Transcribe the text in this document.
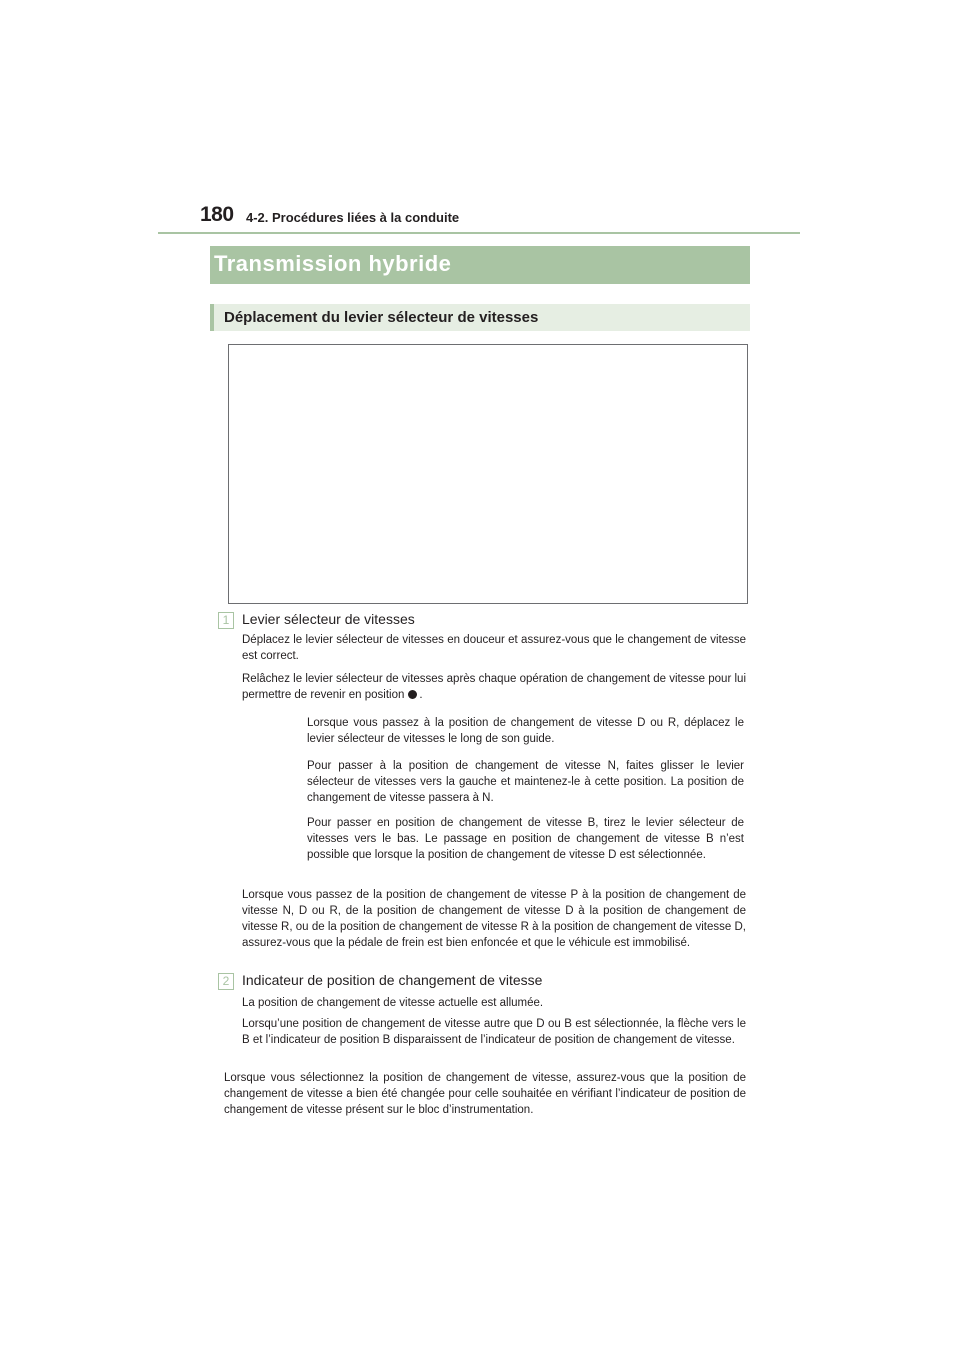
180 4-2. Procédures liées à la conduite
Transmission hybride
Déplacement du levier sélecteur de vitesses
1 Levier sélecteur de vitesses
Déplacez le levier sélecteur de vitesses en douceur et assurez-vous que le changement de vitesse est correct.
Relâchez le levier sélecteur de vitesses après chaque opération de changement de vitesse pour lui permettre de revenir en position .
Lorsque vous passez à la position de changement de vitesse D ou R, déplacez le levier sélecteur de vitesses le long de son guide.
Pour passer à la position de changement de vitesse N, faites glisser le levier sélecteur de vitesses vers la gauche et maintenez-le à cette position. La position de changement de vitesse passera à N.
Pour passer en position de changement de vitesse B, tirez le levier sélecteur de vitesses vers le bas. Le passage en position de changement de vitesse B n’est possible que lorsque la position de changement de vitesse D est sélectionnée.
Lorsque vous passez de la position de changement de vitesse P à la position de changement de vitesse N, D ou R, de la position de changement de vitesse D à la position de changement de vitesse R, ou de la position de changement de vitesse R à la position de changement de vitesse D, assurez-vous que la pédale de frein est bien enfoncée et que le véhicule est immobilisé.
2 Indicateur de position de changement de vitesse
La position de changement de vitesse actuelle est allumée.
Lorsqu’une position de changement de vitesse autre que D ou B est sélectionnée, la flèche vers le B et l’indicateur de position B disparaissent de l’indicateur de position de changement de vitesse.
Lorsque vous sélectionnez la position de changement de vitesse, assurez-vous que la position de changement de vitesse a bien été changée pour celle souhaitée en vérifiant l’indicateur de position de changement de vitesse présent sur le bloc d’instrumentation.
